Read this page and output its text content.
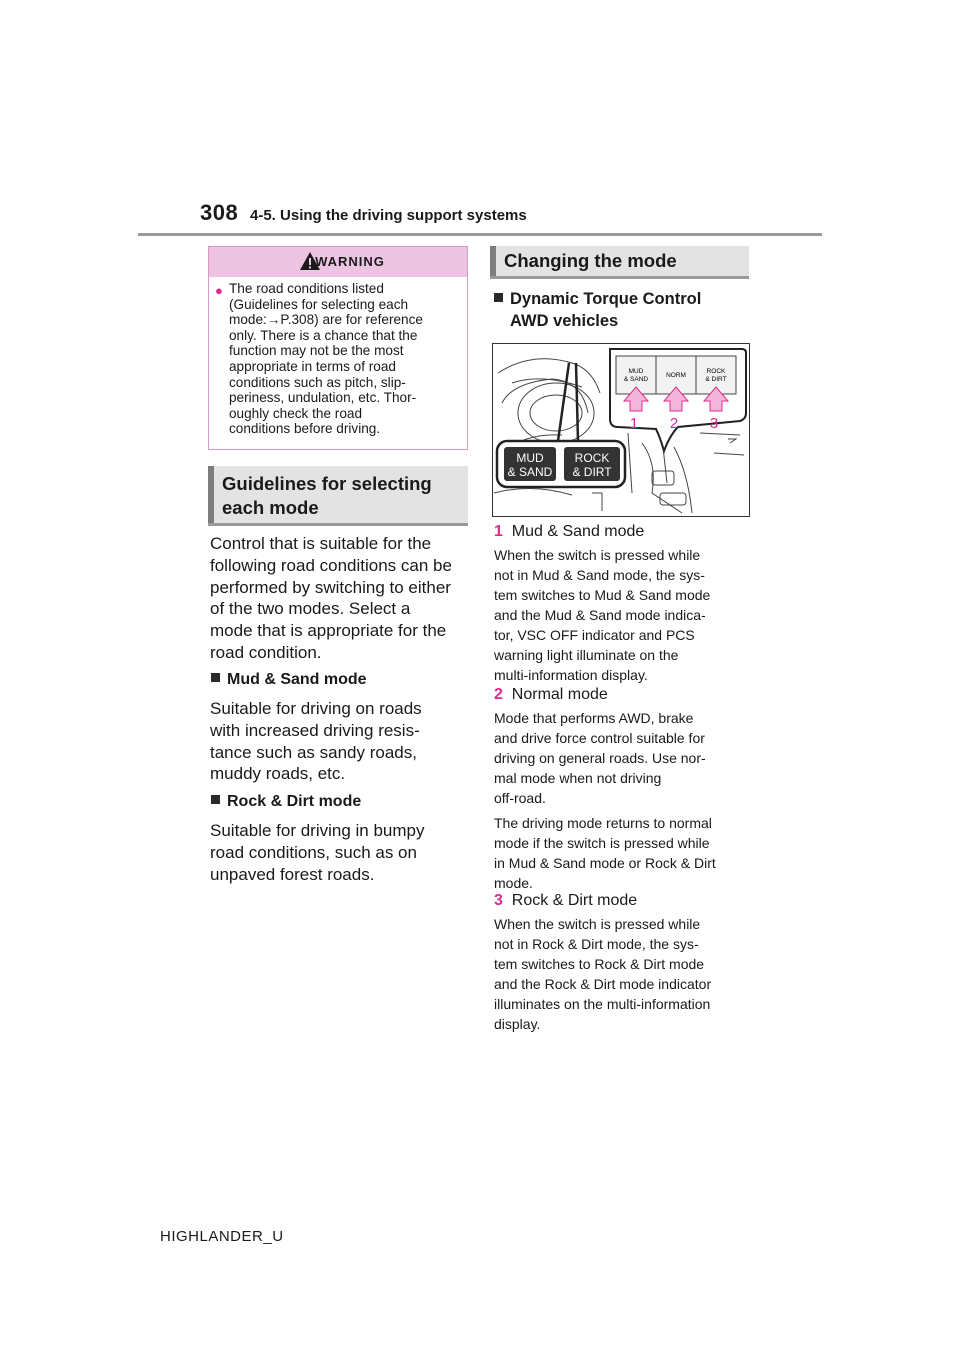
308 4-5. Using the driving support systems
WARNING
● The road conditions listed
(Guidelines for selecting each
mode:→P.308) are for reference
only. There is a chance that the
function may not be the most
appropriate in terms of road
conditions such as pitch, slip-
periness, undulation, etc. Thor-
oughly check the road
conditions before driving.
Guidelines for selecting
each mode
Control that is suitable for the
following road conditions can be
performed by switching to either
of the two modes. Select a
mode that is appropriate for the
road condition.
Mud & Sand mode
Suitable for driving on roads
with increased driving resis-
tance such as sandy roads,
muddy roads, etc.
Rock & Dirt mode
Suitable for driving in bumpy
road conditions, such as on
unpaved forest roads.
Changing the mode
Dynamic Torque Control
AWD vehicles
MUD
& SAND
ROCK
& DIRT
MUD
& SAND
NORM
ROCK
& DIRT
1 2 3
1 Mud & Sand mode
When the switch is pressed while
not in Mud & Sand mode, the sys-
tem switches to Mud & Sand mode
and the Mud & Sand mode indica-
tor, VSC OFF indicator and PCS
warning light illuminate on the
multi-information display.
2 Normal mode
Mode that performs AWD, brake
and drive force control suitable for
driving on general roads. Use nor-
mal mode when not driving
off-road.
The driving mode returns to normal
mode if the switch is pressed while
in Mud & Sand mode or Rock & Dirt
mode.
3 Rock & Dirt mode
When the switch is pressed while
not in Rock & Dirt mode, the sys-
tem switches to Rock & Dirt mode
and the Rock & Dirt mode indicator
illuminates on the multi-information
display.
HIGHLANDER_U
